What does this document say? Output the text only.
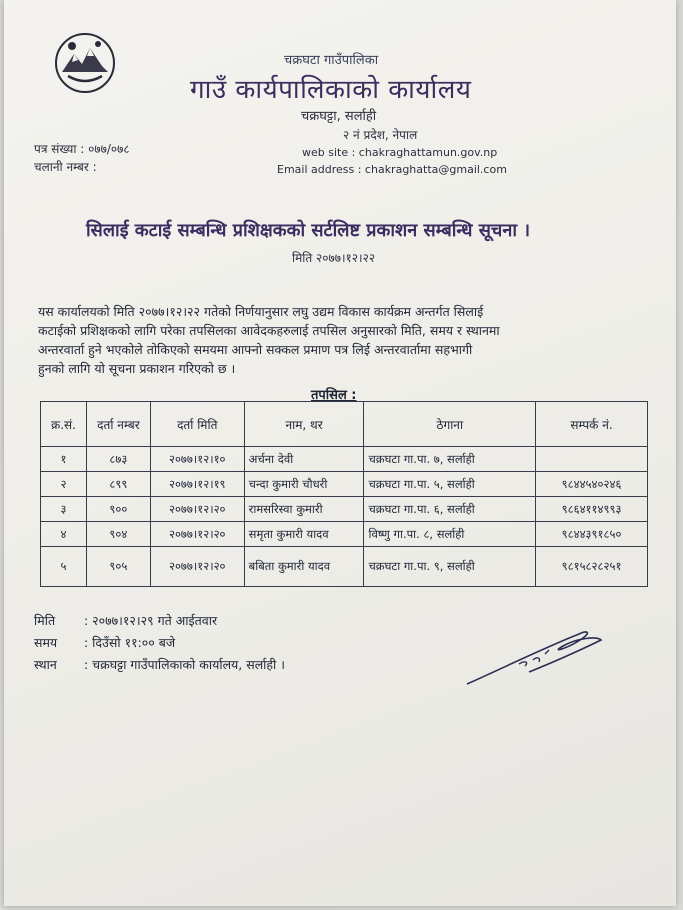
चक्रघटा गाउँपालिका
गाउँ कार्यपालिकाको कार्यालय
चक्रघट्टा, सर्लाही
२ नं प्रदेश, नेपाल
पत्र संख्या : ०७७/०७८
चलानी नम्बर :
web site : chakraghattamun.gov.np
Email address : chakraghatta@gmail.com
सिलाई कटाई सम्बन्धि प्रशिक्षकको सर्टलिष्ट प्रकाशन सम्बन्धि सूचना ।
मिति २०७७।१२।२२
यस कार्यालयको मिति २०७७।१२।२२ गतेको निर्णयानुसार लघु उद्यम विकास कार्यक्रम अन्तर्गत सिलाई
कटाईको प्रशिक्षकको लागि परेका तपसिलका आवेदकहरुलाई तपसिल अनुसारको मिति, समय र स्थानमा
अन्तरवार्ता हुने भएकोले तोकिएको समयमा आफ्नो सक्कल प्रमाण पत्र लिई अन्तरवार्तामा सहभागी
हुनको लागि यो सूचना प्रकाशन गरिएको छ ।
तपसिल :
क्र.सं.	दर्ता नम्बर	दर्ता मिति	नाम, थर	ठेगाना	सम्पर्क नं.
१	८७३	२०७७।१२।१०	अर्चना देवी	चक्रघटा गा.पा. ७, सर्लाही	
२	८९९	२०७७।१२।१९	चन्दा कुमारी चौधरी	चक्रघटा गा.पा. ५, सर्लाही	९८४४५४०२४६
३	९००	२०७७।१२।२०	रामसरिस्वा कुमारी	चक्रघटा गा.पा. ६, सर्लाही	९८६४११४९९३
४	९०४	२०७७।१२।२०	समृता कुमारी यादव	विष्णु गा.पा. ८, सर्लाही	९८४४३९१८५०
५	९०५	२०७७।१२।२०	बबिता कुमारी यादव	चक्रघटा गा.पा. ९, सर्लाही	९८१५८२८२५१
मिति : २०७७।१२।२९ गते आईतवार
समय : दिउँसो ११:०० बजे
स्थान : चक्रघट्टा गाउँपालिकाको कार्यालय, सर्लाही ।
